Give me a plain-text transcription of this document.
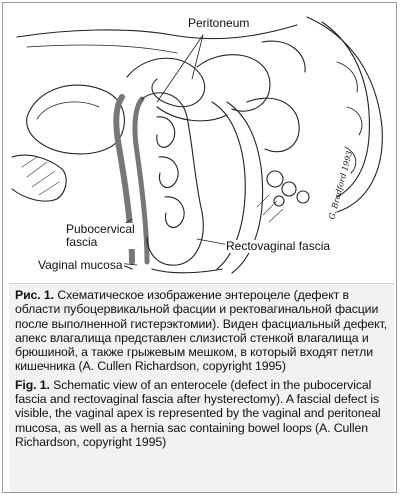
Peritoneum
Pubocervical
fascia	Rectovaginal fascia
Vaginal mucosa
G. Bradford 1993

Рис. 1. Схематическое изображение энтероцеле (дефект в области пубоцервикальной фасции и ректовагинальной фасции после выполненной гистерэктомии). Виден фасциальный дефект, апекс влагалища представлен слизистой стенкой влагалища и брюшиной, а также грыжевым мешком, в который входят петли кишечника (A. Cullen Richardson, copyright 1995)

Fig. 1. Schematic view of an enterocele (defect in the pubocervical fascia and rectovaginal fascia after hysterectomy). A fascial defect is visible, the vaginal apex is represented by the vaginal and peritoneal mucosa, as well as a hernia sac containing bowel loops (A. Cullen Richardson, copyright 1995)
